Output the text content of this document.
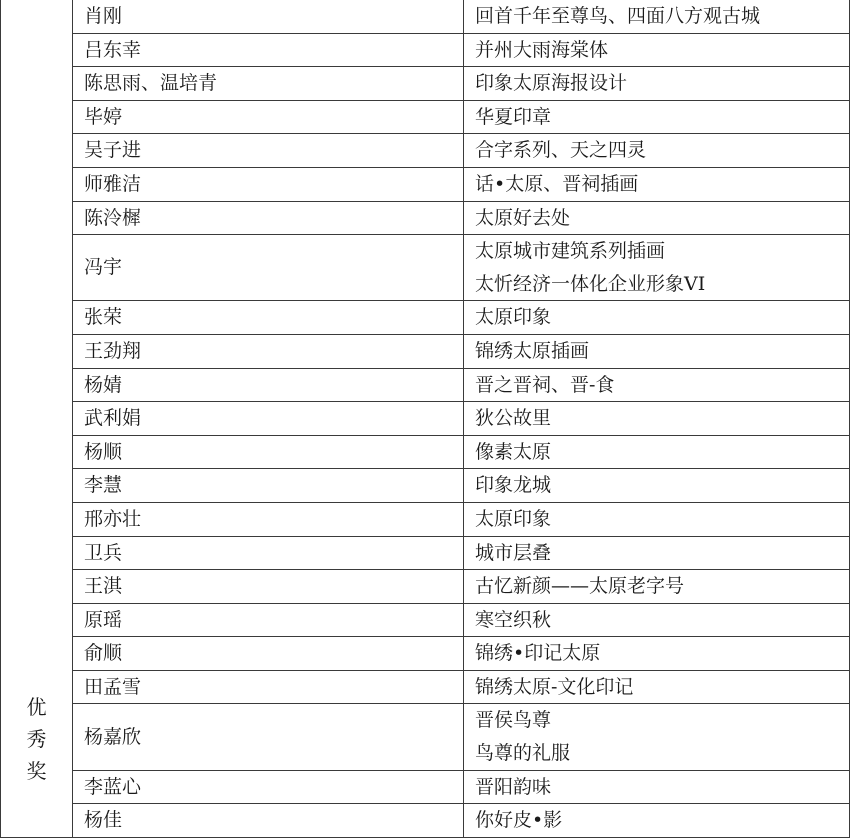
优秀奖	肖刚	回首千年至尊鸟、四面八方观古城

	吕东幸	并州大雨海棠体

	陈思雨、温培青	印象太原海报设计

	毕婷	华夏印章

	吴子进	合字系列、天之四灵

	师雅洁	话•太原、晋祠插画

	陈泠樨	太原好去处

	冯宇	太原城市建筑系列插画
太忻经济一体化企业形象VI

	张荣	太原印象

	王劲翔	锦绣太原插画

	杨婧	晋之晋祠、晋-食

	武利娟	狄公故里

	杨顺	像素太原

	李慧	印象龙城

	邢亦壮	太原印象

	卫兵	城市层叠

	王淇	古忆新颜——太原老字号

	原瑶	寒空织秋

	俞顺	锦绣•印记太原

	田孟雪	锦绣太原-文化印记

	杨嘉欣	晋侯鸟尊
鸟尊的礼服

	李蓝心	晋阳韵味

	杨佳	你好皮•影
